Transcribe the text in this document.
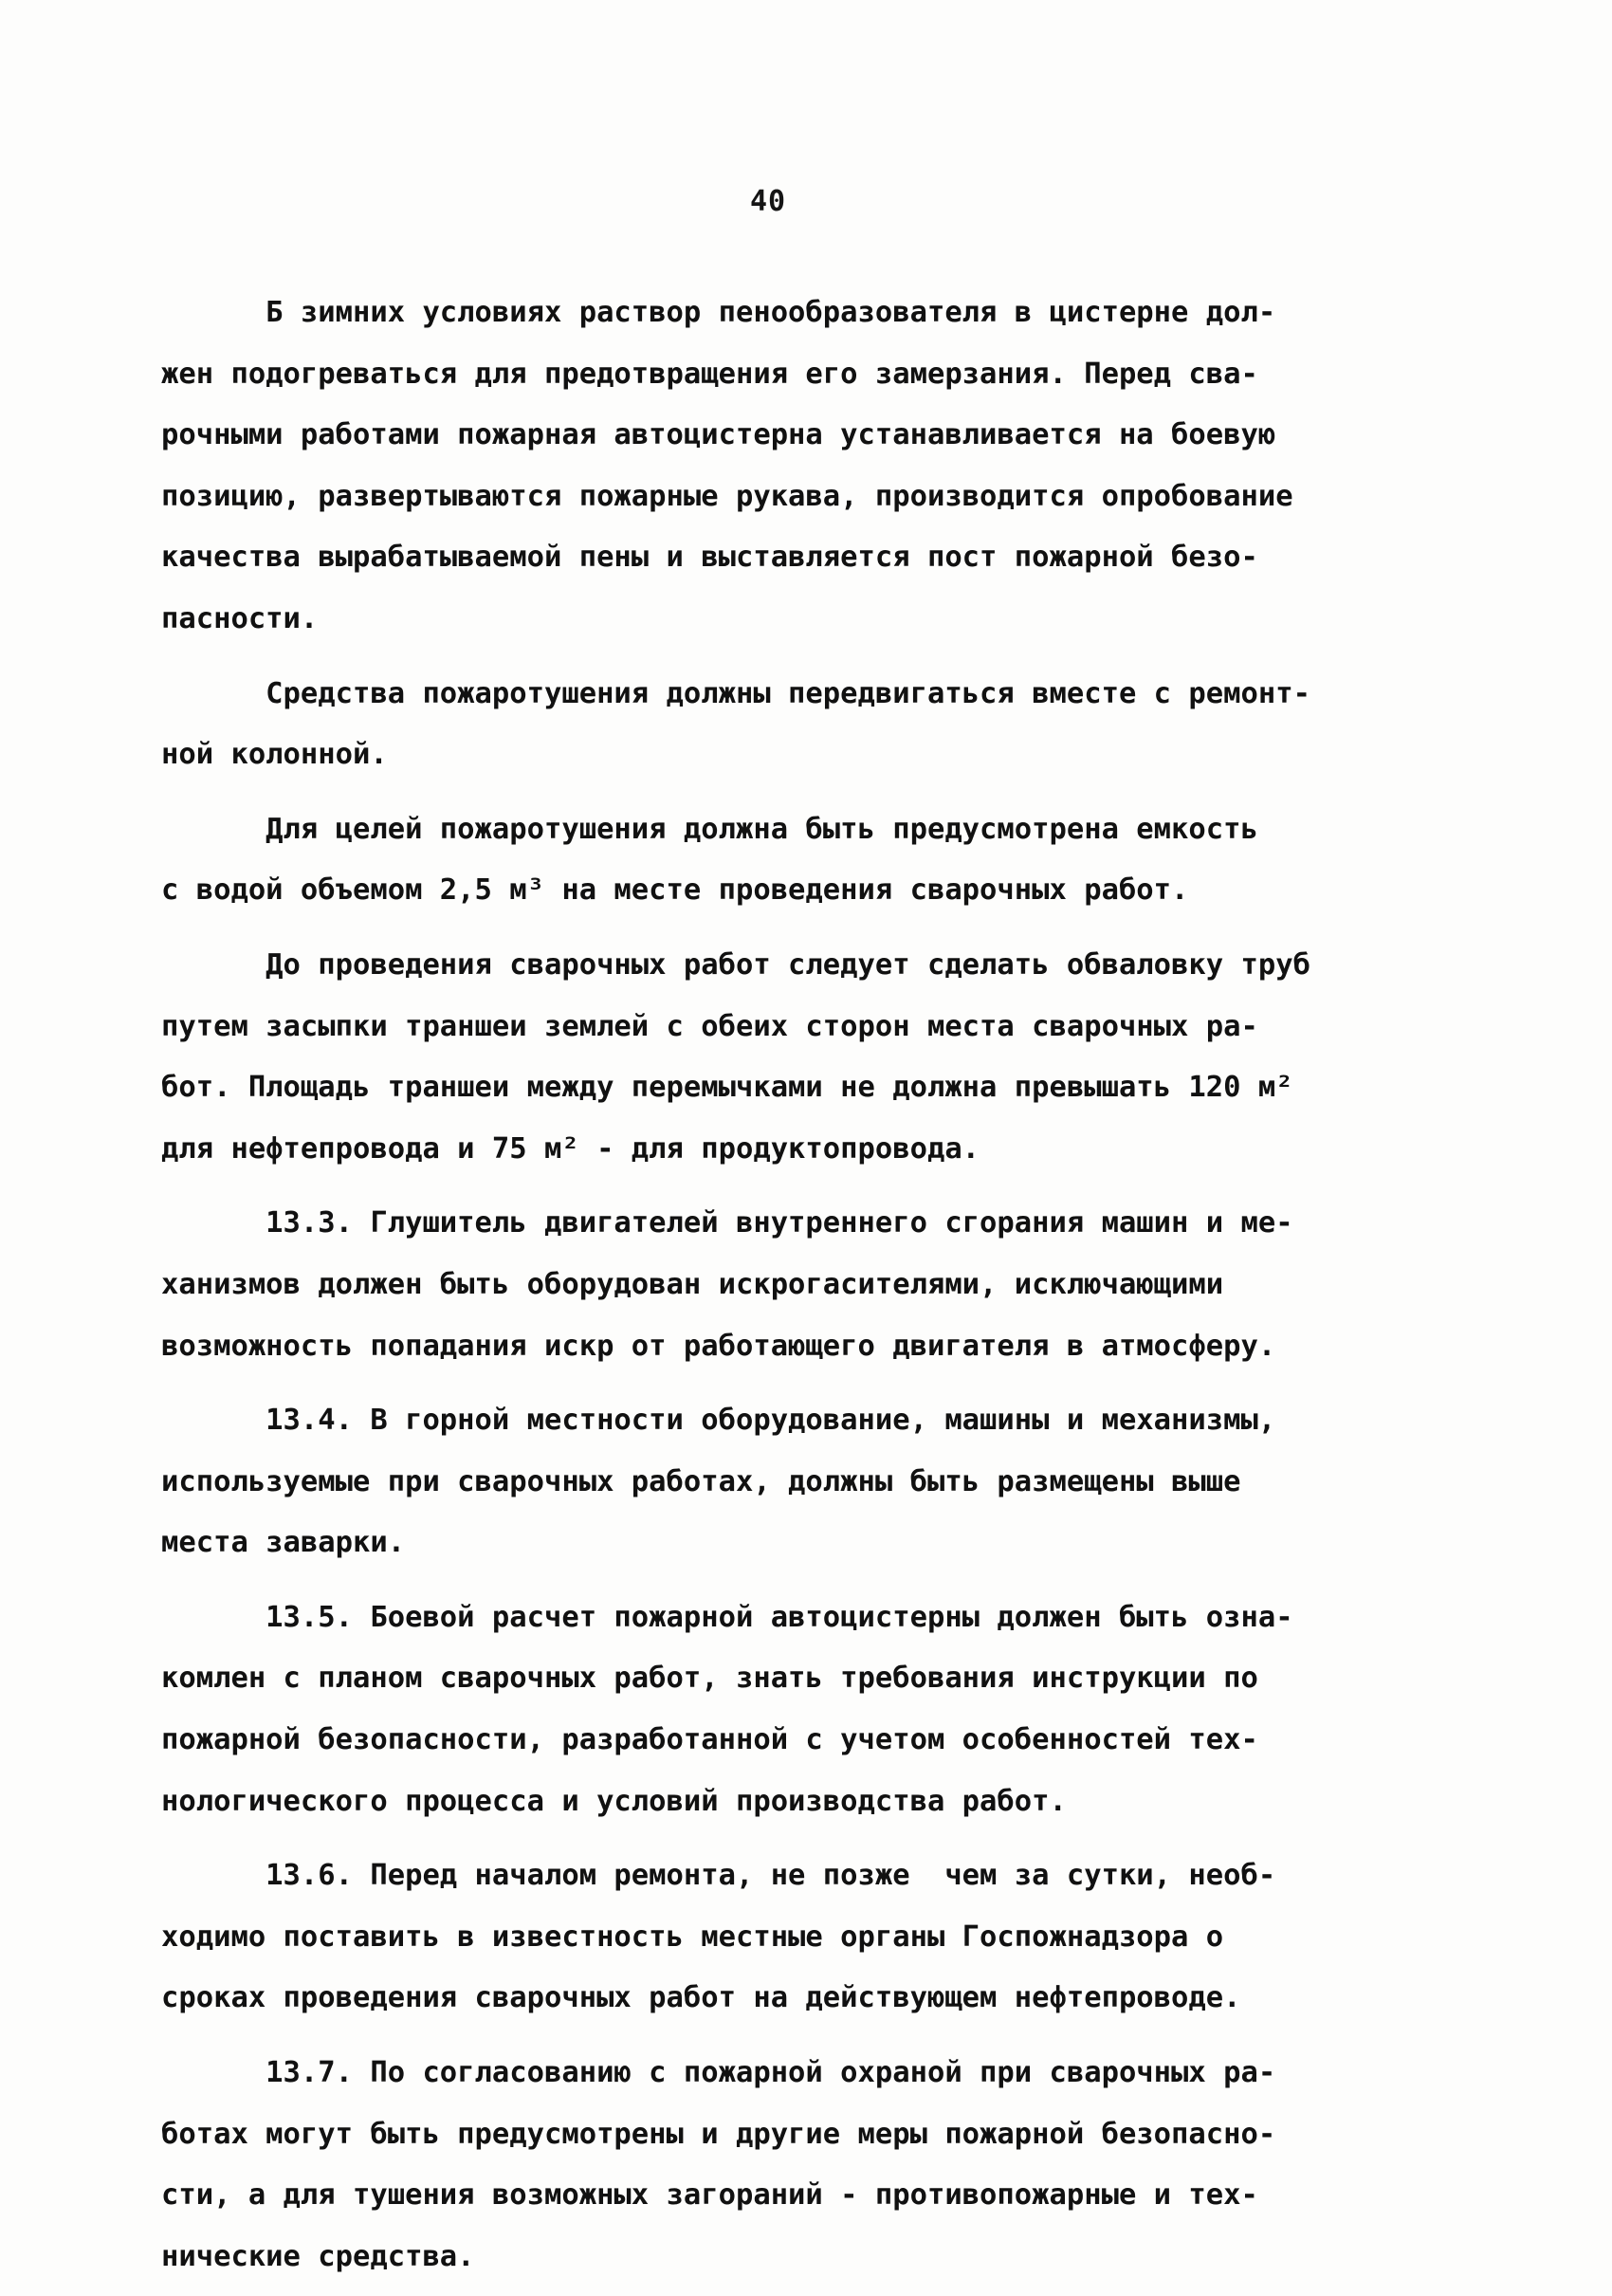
40
Б зимних условиях раствор пенообразователя в цистерне дол-
жен подогреваться для предотвращения его замерзания. Перед сва-
рочными работами пожарная автоцистерна устанавливается на боевую
позицию, развертываются пожарные рукава, производится опробование
качества вырабатываемой пены и выставляется пост пожарной безо-
пасности.
Средства пожаротушения должны передвигаться вместе с ремонт-
ной колонной.
Для целей пожаротушения должна быть предусмотрена емкость
с водой объемом 2,5 м³ на месте проведения сварочных работ.
До проведения сварочных работ следует сделать обваловку труб
путем засыпки траншеи землей с обеих сторон места сварочных ра-
бот. Площадь траншеи между перемычками не должна превышать 120 м²
для нефтепровода и 75 м² - для продуктопровода.
13.3. Глушитель двигателей внутреннего сгорания машин и ме-
ханизмов должен быть оборудован искрогасителями, исключающими
возможность попадания искр от работающего двигателя в атмосферу.
13.4. В горной местности оборудование, машины и механизмы,
используемые при сварочных работах, должны быть размещены выше
места заварки.
13.5. Боевой расчет пожарной автоцистерны должен быть озна-
комлен с планом сварочных работ, знать требования инструкции по
пожарной безопасности, разработанной с учетом особенностей тех-
нологического процесса и условий производства работ.
13.6. Перед началом ремонта, не позже  чем за сутки, необ-
ходимо поставить в известность местные органы Госпожнадзора о
сроках проведения сварочных работ на действующем нефтепроводе.
13.7. По согласованию с пожарной охраной при сварочных ра-
ботах могут быть предусмотрены и другие меры пожарной безопасно-
сти, а для тушения возможных загораний - противопожарные и тех-
нические средства.
